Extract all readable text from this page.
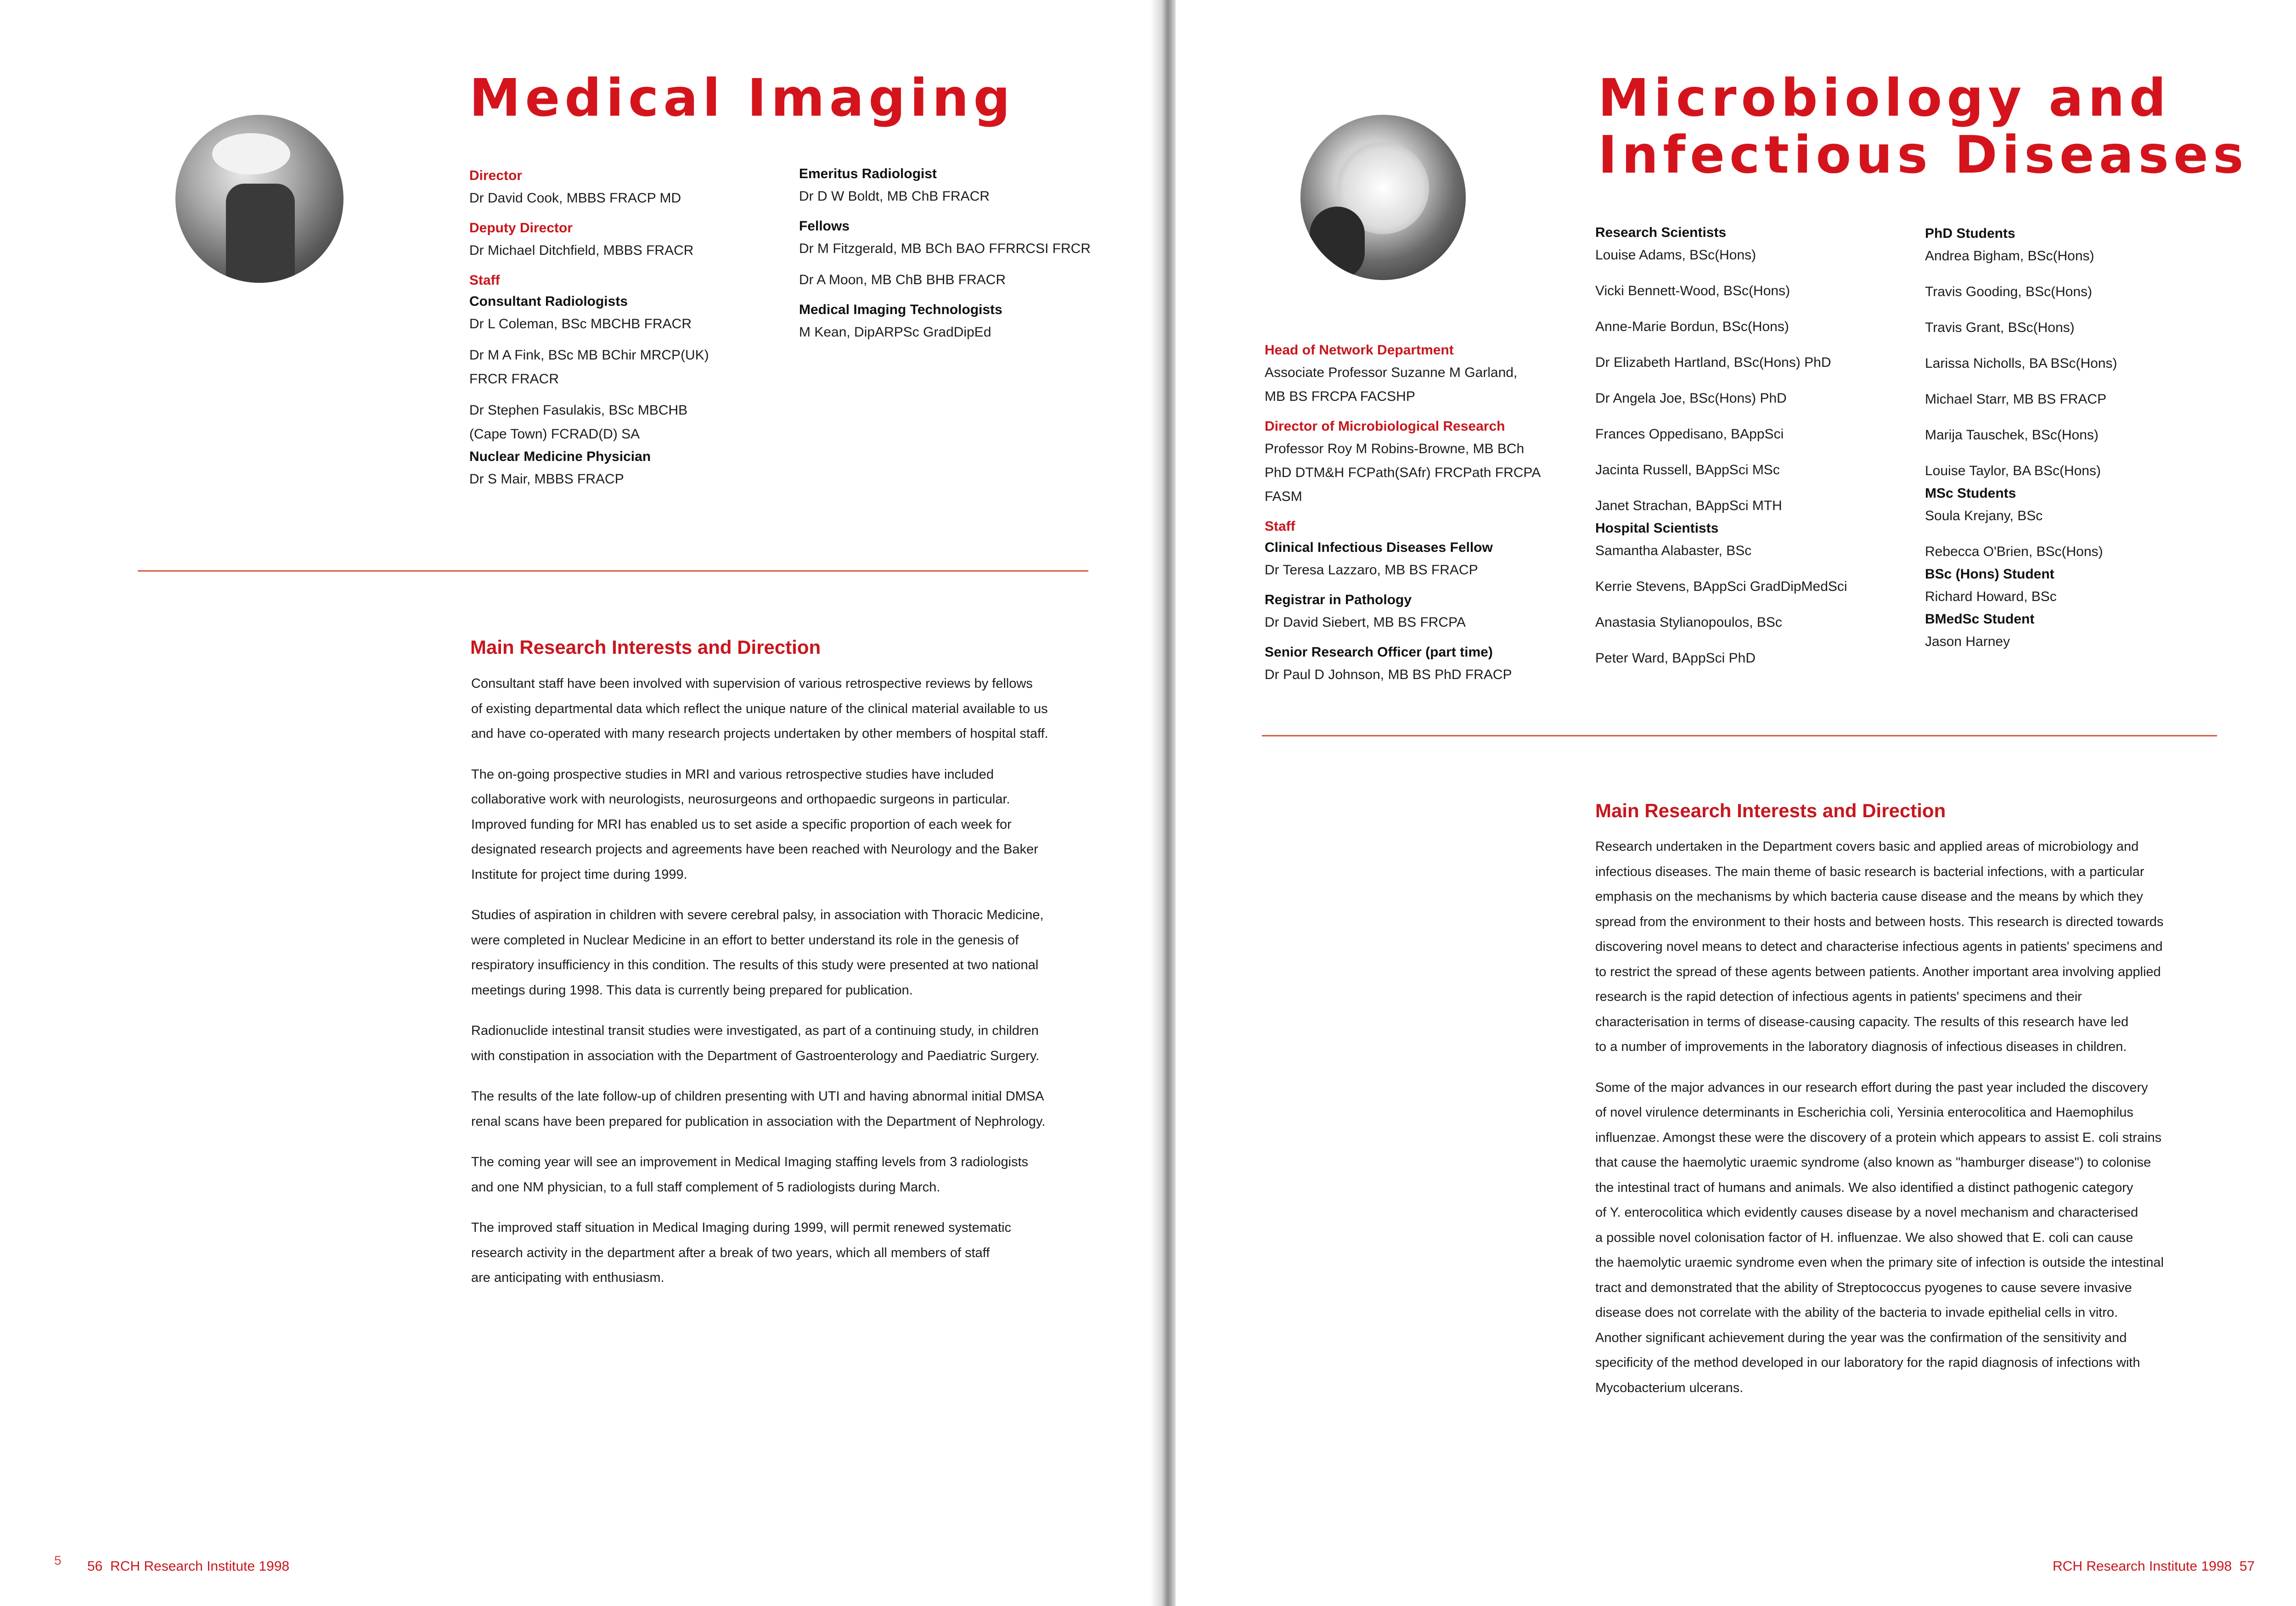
Medical Imaging
Director
Dr David Cook, MBBS FRACP MD
Deputy Director
Dr Michael Ditchfield, MBBS FRACR
Staff
Consultant Radiologists
Dr L Coleman, BSc MBCHB FRACR
Dr M A Fink, BSc MB BChir MRCP(UK)
FRCR FRACR
Dr Stephen Fasulakis, BSc MBCHB
(Cape Town) FCRAD(D) SA
Nuclear Medicine Physician
Dr S Mair, MBBS FRACP
Emeritus Radiologist
Dr D W Boldt, MB ChB FRACR
Fellows
Dr M Fitzgerald, MB BCh BAO FFRRCSI FRCR
Dr A Moon, MB ChB BHB FRACR
Medical Imaging Technologists
M Kean, DipARPSc GradDipEd
Main Research Interests and Direction

Consultant staff have been involved with supervision of various retrospective reviews by fellows
of existing departmental data which reflect the unique nature of the clinical material available to us
and have co-operated with many research projects undertaken by other members of hospital staff.

The on-going prospective studies in MRI and various retrospective studies have included
collaborative work with neurologists, neurosurgeons and orthopaedic surgeons in particular.
Improved funding for MRI has enabled us to set aside a specific proportion of each week for
designated research projects and agreements have been reached with Neurology and the Baker
Institute for project time during 1999.

Studies of aspiration in children with severe cerebral palsy, in association with Thoracic Medicine,
were completed in Nuclear Medicine in an effort to better understand its role in the genesis of
respiratory insufficiency in this condition. The results of this study were presented at two national
meetings during 1998. This data is currently being prepared for publication.

Radionuclide intestinal transit studies were investigated, as part of a continuing study, in children
with constipation in association with the Department of Gastroenterology and Paediatric Surgery.

The results of the late follow-up of children presenting with UTI and having abnormal initial DMSA
renal scans have been prepared for publication in association with the Department of Nephrology.

The coming year will see an improvement in Medical Imaging staffing levels from 3 radiologists
and one NM physician, to a full staff complement of 5 radiologists during March.

The improved staff situation in Medical Imaging during 1999, will permit renewed systematic
research activity in the department after a break of two years, which all members of staff
are anticipating with enthusiasm.

5 56  RCH Research Institute 1998
Microbiology and
Infectious Diseases
Head of Network Department
Associate Professor Suzanne M Garland,
MB BS FRCPA FACSHP
Director of Microbiological Research
Professor Roy M Robins-Browne, MB BCh
PhD DTM&H FCPath(SAfr) FRCPath FRCPA
FASM
Staff
Clinical Infectious Diseases Fellow
Dr Teresa Lazzaro, MB BS FRACP
Registrar in Pathology
Dr David Siebert, MB BS FRCPA
Senior Research Officer (part time)
Dr Paul D Johnson, MB BS PhD FRACP
Research Scientists
Louise Adams, BSc(Hons)
Vicki Bennett-Wood, BSc(Hons)
Anne-Marie Bordun, BSc(Hons)
Dr Elizabeth Hartland, BSc(Hons) PhD
Dr Angela Joe, BSc(Hons) PhD
Frances Oppedisano, BAppSci
Jacinta Russell, BAppSci MSc
Janet Strachan, BAppSci MTH
Hospital Scientists
Samantha Alabaster, BSc
Kerrie Stevens, BAppSci GradDipMedSci
Anastasia Stylianopoulos, BSc
Peter Ward, BAppSci PhD
PhD Students
Andrea Bigham, BSc(Hons)
Travis Gooding, BSc(Hons)
Travis Grant, BSc(Hons)
Larissa Nicholls, BA BSc(Hons)
Michael Starr, MB BS FRACP
Marija Tauschek, BSc(Hons)
Louise Taylor, BA BSc(Hons)
MSc Students
Soula Krejany, BSc
Rebecca O'Brien, BSc(Hons)
BSc (Hons) Student
Richard Howard, BSc
BMedSc Student
Jason Harney
Main Research Interests and Direction

Research undertaken in the Department covers basic and applied areas of microbiology and
infectious diseases. The main theme of basic research is bacterial infections, with a particular
emphasis on the mechanisms by which bacteria cause disease and the means by which they
spread from the environment to their hosts and between hosts. This research is directed towards
discovering novel means to detect and characterise infectious agents in patients' specimens and
to restrict the spread of these agents between patients. Another important area involving applied
research is the rapid detection of infectious agents in patients' specimens and their
characterisation in terms of disease-causing capacity. The results of this research have led
to a number of improvements in the laboratory diagnosis of infectious diseases in children.

Some of the major advances in our research effort during the past year included the discovery
of novel virulence determinants in Escherichia coli, Yersinia enterocolitica and Haemophilus
influenzae. Amongst these were the discovery of a protein which appears to assist E. coli strains
that cause the haemolytic uraemic syndrome (also known as "hamburger disease") to colonise
the intestinal tract of humans and animals. We also identified a distinct pathogenic category
of Y. enterocolitica which evidently causes disease by a novel mechanism and characterised
a possible novel colonisation factor of H. influenzae. We also showed that E. coli can cause
the haemolytic uraemic syndrome even when the primary site of infection is outside the intestinal
tract and demonstrated that the ability of Streptococcus pyogenes to cause severe invasive
disease does not correlate with the ability of the bacteria to invade epithelial cells in vitro.
Another significant achievement during the year was the confirmation of the sensitivity and
specificity of the method developed in our laboratory for the rapid diagnosis of infections with
Mycobacterium ulcerans.

RCH Research Institute 1998  57
